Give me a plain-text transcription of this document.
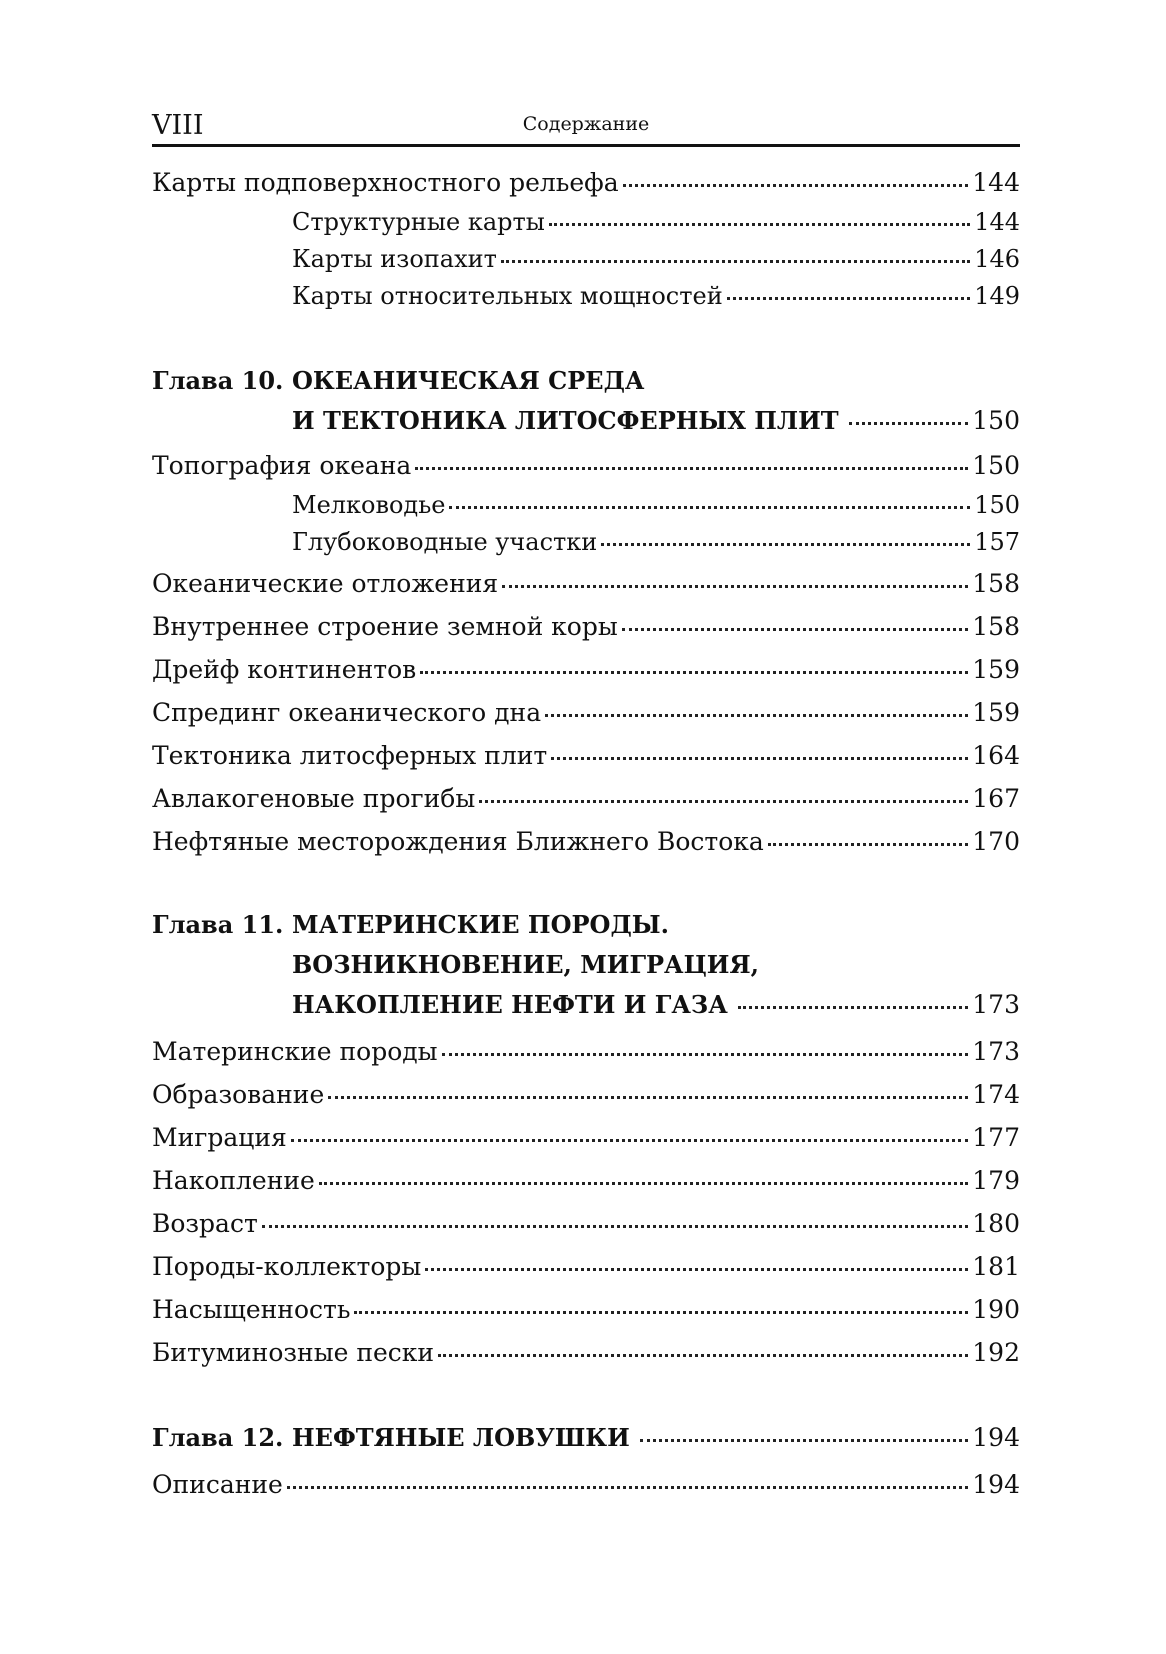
VIII	Содержание
Карты подповерхностного рельефа	144
Структурные карты	144
Карты изопахит	146
Карты относительных мощностей	149
Глава 10. ОКЕАНИЧЕСКАЯ СРЕДА
И ТЕКТОНИКА ЛИТОСФЕРНЫХ ПЛИТ	150
Топография океана	150
Мелководье	150
Глубоководные участки	157
Океанические отложения	158
Внутреннее строение земной коры	158
Дрейф континентов	159
Спрединг океанического дна	159
Тектоника литосферных плит	164
Авлакогеновые прогибы	167
Нефтяные месторождения Ближнего Востока	170
Глава 11. МАТЕРИНСКИЕ ПОРОДЫ.
ВОЗНИКНОВЕНИЕ, МИГРАЦИЯ,
НАКОПЛЕНИЕ НЕФТИ И ГАЗА	173
Материнские породы	173
Образование	174
Миграция	177
Накопление	179
Возраст	180
Породы-коллекторы	181
Насыщенность	190
Битуминозные пески	192
Глава 12. НЕФТЯНЫЕ ЛОВУШКИ	194
Описание	194
